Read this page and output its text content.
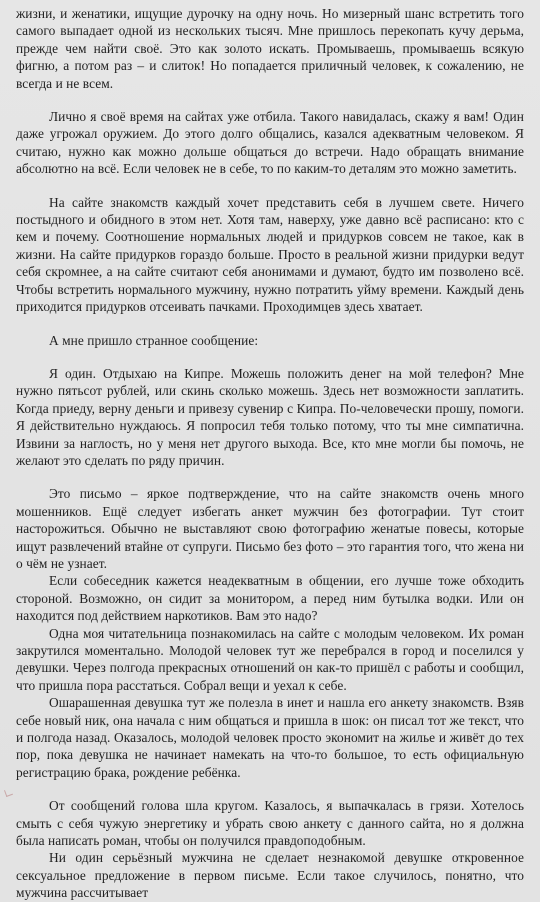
жизни, и женатики, ищущие дурочку на одну ночь. Но мизерный шанс встретить того самого выпадает одной из нескольких тысяч. Мне пришлось перекопать кучу дерьма, прежде чем найти своё. Это как золото искать. Промываешь, промываешь всякую фигню, а потом раз – и слиток! Но попадается приличный человек, к сожалению, не всегда и не всем.

Лично я своё время на сайтах уже отбила. Такого навидалась, скажу я вам! Один даже угрожал оружием. До этого долго общались, казался адекватным человеком. Я считаю, нужно как можно дольше общаться до встречи. Надо обращать внимание абсолютно на всё. Если человек не в себе, то по каким-то деталям это можно заметить.

На сайте знакомств каждый хочет представить себя в лучшем свете. Ничего постыдного и обидного в этом нет. Хотя там, наверху, уже давно всё расписано: кто с кем и почему. Соотношение нормальных людей и придурков совсем не такое, как в жизни. На сайте придурков гораздо больше. Просто в реальной жизни придурки ведут себя скромнее, а на сайте считают себя анонимами и думают, будто им позволено всё. Чтобы встретить нормального мужчину, нужно потратить уйму времени. Каждый день приходится придурков отсеивать пачками. Проходимцев здесь хватает.

А мне пришло странное сообщение:

Я один. Отдыхаю на Кипре. Можешь положить денег на мой телефон? Мне нужно пятьсот рублей, или скинь сколько можешь. Здесь нет возможности заплатить. Когда приеду, верну деньги и привезу сувенир с Кипра. По-человечески прошу, помоги. Я действительно нуждаюсь. Я попросил тебя только потому, что ты мне симпатична. Извини за наглость, но у меня нет другого выхода. Все, кто мне могли бы помочь, не желают это сделать по ряду причин.

Это письмо – яркое подтверждение, что на сайте знакомств очень много мошенников. Ещё следует избегать анкет мужчин без фотографии. Тут стоит насторожиться. Обычно не выставляют свою фотографию женатые повесы, которые ищут развлечений втайне от супруги. Письмо без фото – это гарантия того, что жена ни о чём не узнает.

Если собеседник кажется неадекватным в общении, его лучше тоже обходить стороной. Возможно, он сидит за монитором, а перед ним бутылка водки. Или он находится под действием наркотиков. Вам это надо?

Одна моя читательница познакомилась на сайте с молодым человеком. Их роман закрутился моментально. Молодой человек тут же перебрался в город и поселился у девушки. Через полгода прекрасных отношений он как-то пришёл с работы и сообщил, что пришла пора расстаться. Собрал вещи и уехал к себе.

Ошарашенная девушка тут же полезла в инет и нашла его анкету знакомств. Взяв себе новый ник, она начала с ним общаться и пришла в шок: он писал тот же текст, что и полгода назад. Оказалось, молодой человек просто экономит на жилье и живёт до тех пор, пока девушка не начинает намекать на что-то большое, то есть официальную регистрацию брака, рождение ребёнка.

От сообщений голова шла кругом. Казалось, я выпачкалась в грязи. Хотелось смыть с себя чужую энергетику и убрать свою анкету с данного сайта, но я должна была написать роман, чтобы он получился правдоподобным.

Ни один серьёзный мужчина не сделает незнакомой девушке откровенное сексуальное предложение в первом письме. Если такое случилось, понятно, что мужчина рассчитывает
